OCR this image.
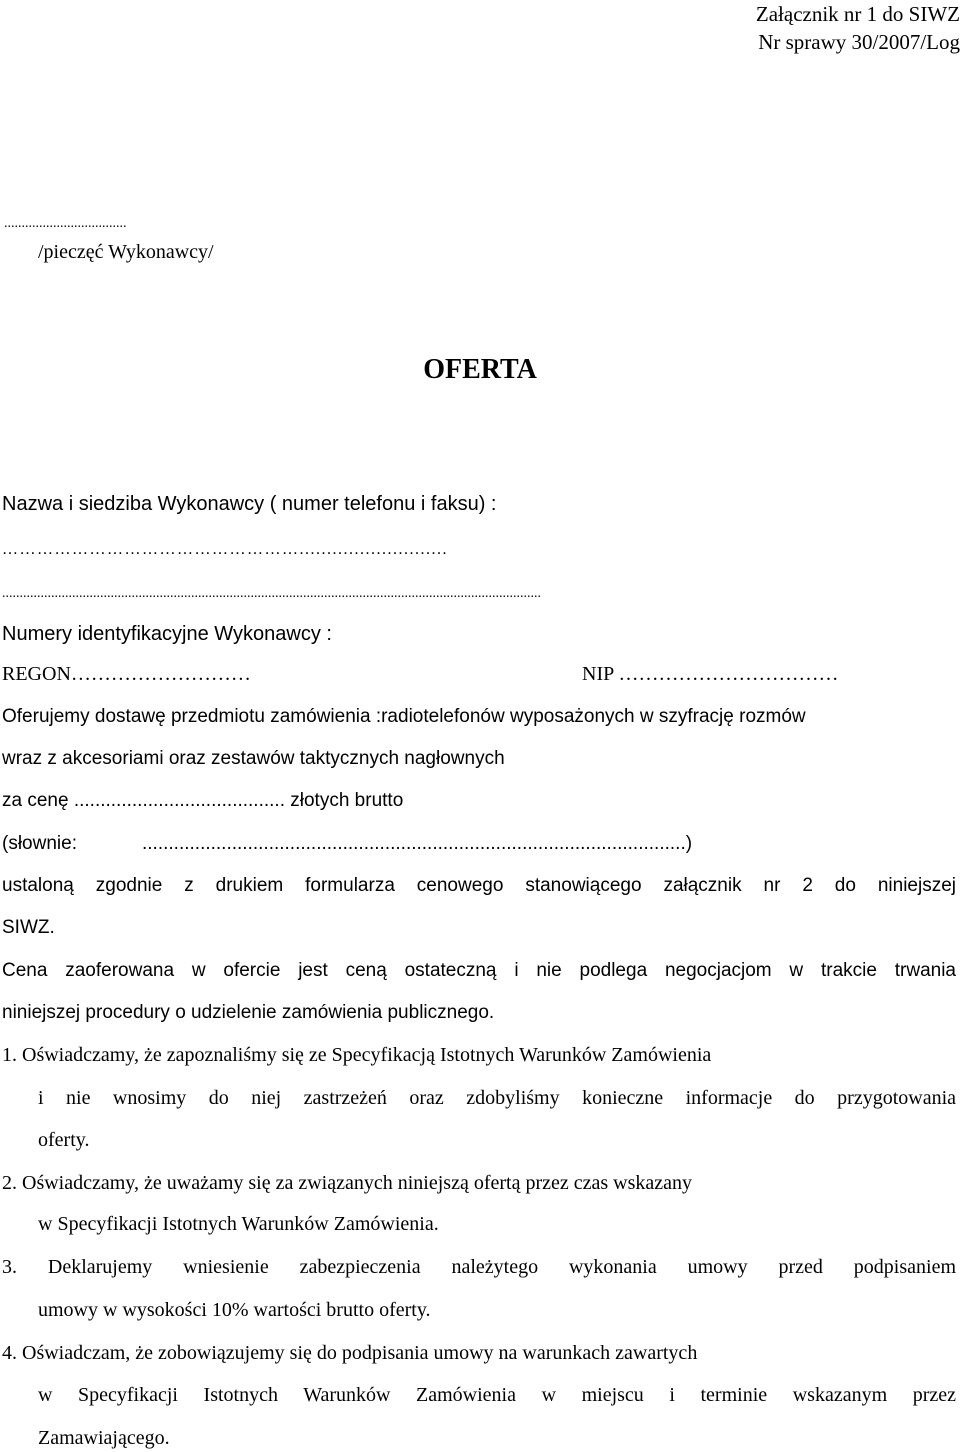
Załącznik nr 1 do SIWZ
Nr sprawy 30/2007/Log
...................................
/pieczęć Wykonawcy/
OFERTA
Nazwa i siedziba Wykonawcy ( numer telefonu i faksu) :
……………………………………………...........................
..........................................................................................................................................................
Numery identyfikacyjne Wykonawcy :
REGON………………………	NIP ……………………………
Oferujemy dostawę przedmiotu zamówienia :radiotelefonów wyposażonych w szyfrację rozmów
wraz z akcesoriami oraz zestawów taktycznych nagłownych
za cenę ........................................ złotych brutto
(słownie:	.......................................................................................................)
ustaloną zgodnie z drukiem formularza cenowego stanowiącego załącznik nr 2 do niniejszej
SIWZ.
Cena zaoferowana w ofercie jest ceną ostateczną i nie podlega negocjacjom w trakcie trwania
niniejszej procedury o udzielenie zamówienia publicznego.
1. Oświadczamy, że zapoznaliśmy się ze Specyfikacją Istotnych Warunków Zamówienia
i nie wnosimy do niej zastrzeżeń oraz zdobyliśmy konieczne informacje do przygotowania
oferty.
2. Oświadczamy, że uważamy się za związanych niniejszą ofertą przez czas wskazany
w Specyfikacji Istotnych Warunków Zamówienia.
3. Deklarujemy wniesienie zabezpieczenia należytego wykonania umowy przed podpisaniem
umowy w wysokości 10% wartości brutto oferty.
4. Oświadczam, że zobowiązujemy się do podpisania umowy na warunkach zawartych
w Specyfikacji Istotnych Warunków Zamówienia w miejscu i terminie wskazanym przez
Zamawiającego.
